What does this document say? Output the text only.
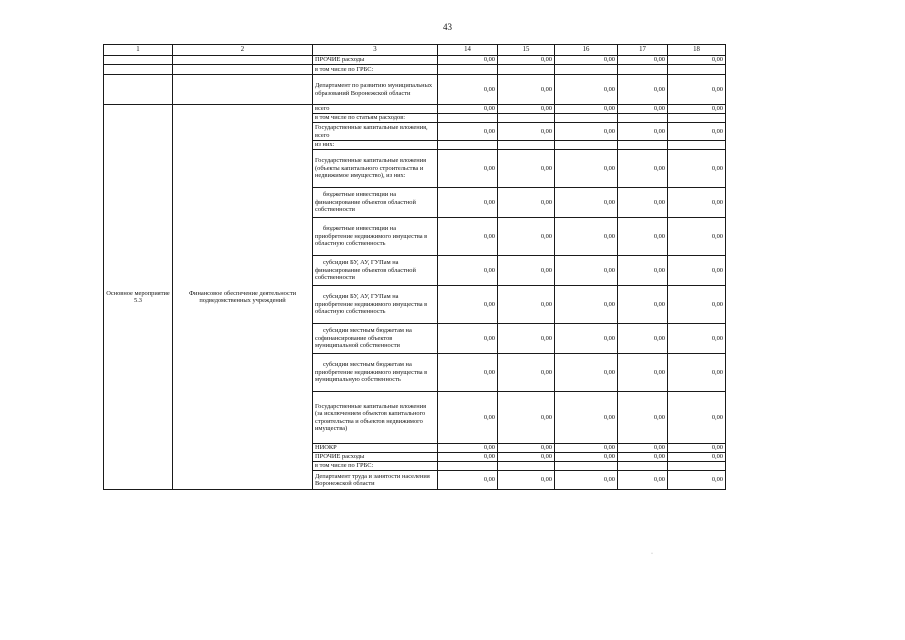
43
1	2	3	14	15	16	17	18
		ПРОЧИЕ расходы	0,00	0,00	0,00	0,00	0,00
		в том числе по ГРБС:					
		Департамент по развитию муниципальных образований Воронежской области	0,00	0,00	0,00	0,00	0,00
Основное мероприятие 5.3	Финансовое обеспечение деятельности подведомственных учреждений	всего	0,00	0,00	0,00	0,00	0,00
		в том числе по статьям расходов:					
		Государственные капитальные вложения, всего	0,00	0,00	0,00	0,00	0,00
		из них:					
		Государственные капитальные вложения (объекты капитального строительства и недвижимое имущество), из них:	0,00	0,00	0,00	0,00	0,00
		бюджетные инвестиции на финансирование объектов областной собственности	0,00	0,00	0,00	0,00	0,00
		бюджетные инвестиции на приобретение недвижимого имущества в областную собственность	0,00	0,00	0,00	0,00	0,00
		субсидии БУ, АУ, ГУПам на финансирование объектов областной собственности	0,00	0,00	0,00	0,00	0,00
		субсидии БУ, АУ, ГУПам на приобретение недвижимого имущества в областную собственность	0,00	0,00	0,00	0,00	0,00
		субсидии местным бюджетам на софинансирование объектов муниципальной собственности	0,00	0,00	0,00	0,00	0,00
		субсидии местным бюджетам на приобретение недвижимого имущества в муниципальную собственность	0,00	0,00	0,00	0,00	0,00
		Государственные капитальные вложения (за исключением объектов капитального строительства и объектов недвижимого имущества)	0,00	0,00	0,00	0,00	0,00
		НИОКР	0,00	0,00	0,00	0,00	0,00
		ПРОЧИЕ расходы	0,00	0,00	0,00	0,00	0,00
		в том числе по ГРБС:					
		Департамент труда и занятости населения Воронежской области	0,00	0,00	0,00	0,00	0,00
·
